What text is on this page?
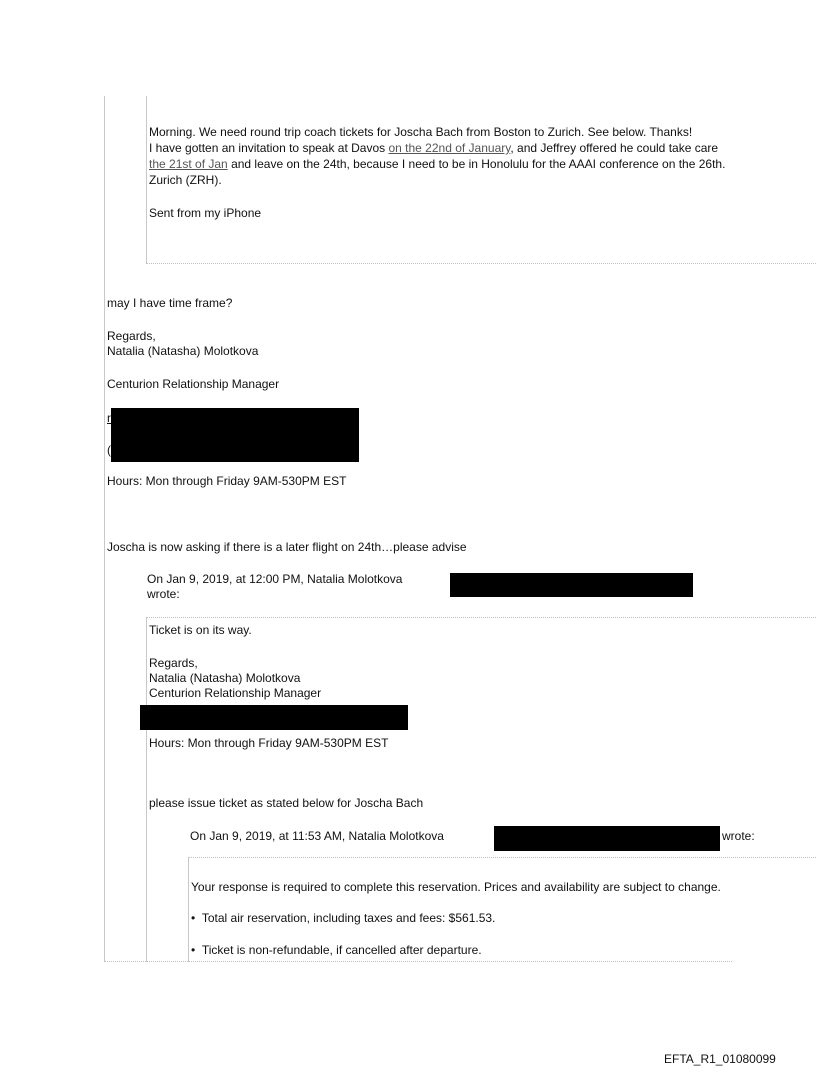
Morning. We need round trip coach tickets for Joscha Bach from Boston to Zurich. See below. Thanks!
I have gotten an invitation to speak at Davos on the 22nd of January, and Jeffrey offered he could take care
the 21st of Jan and leave on the 24th, because I need to be in Honolulu for the AAAI conference on the 26th.
Zurich (ZRH).
Sent from my iPhone
may I have time frame?
Regards,
Natalia (Natasha) Molotkova
Centurion Relationship Manager
r
(
Hours: Mon through Friday 9AM-530PM EST
Joscha is now asking if there is a later flight on 24th…please advise
On Jan 9, 2019, at 12:00 PM, Natalia Molotkova
wrote:
Ticket is on its way.
Regards,
Natalia (Natasha) Molotkova
Centurion Relationship Manager
Hours: Mon through Friday 9AM-530PM EST
please issue ticket as stated below for Joscha Bach
On Jan 9, 2019, at 11:53 AM, Natalia Molotkova	wrote:
Your response is required to complete this reservation. Prices and availability are subject to change.
•  Total air reservation, including taxes and fees: $561.53.
•  Ticket is non-refundable, if cancelled after departure.
EFTA_R1_01080099
